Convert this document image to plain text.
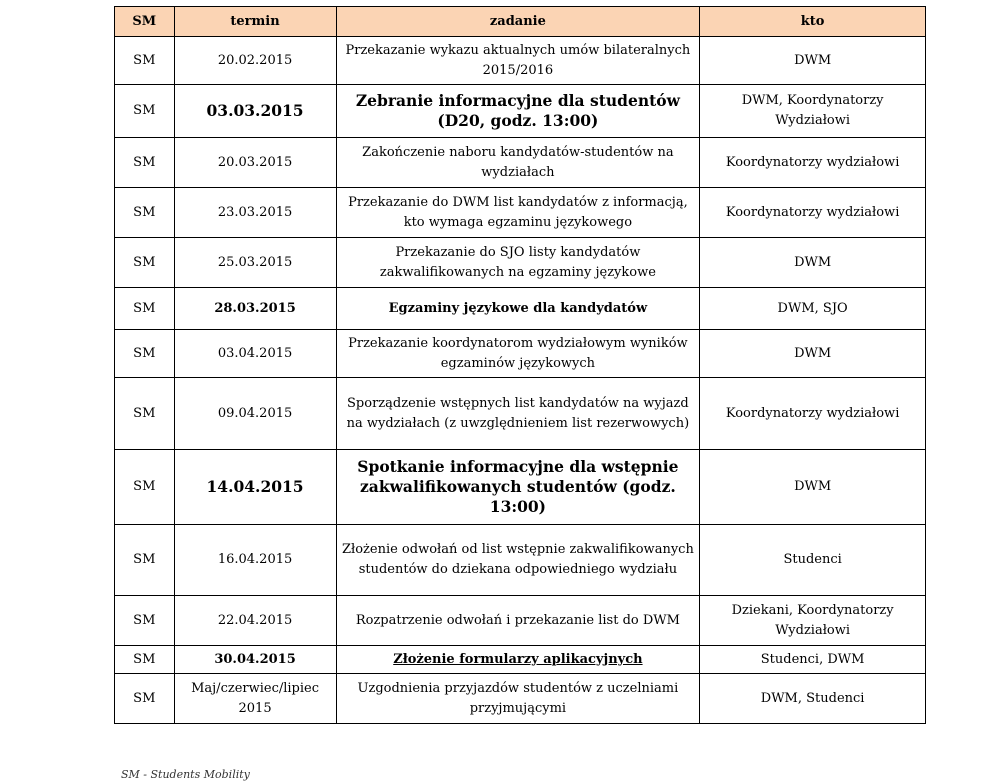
SM	termin	zadanie	kto
SM	20.02.2015	Przekazanie wykazu aktualnych umów bilateralnych 2015/2016	DWM
SM	03.03.2015	Zebranie informacyjne dla studentów (D20, godz. 13:00)	DWM, Koordynatorzy Wydziałowi
SM	20.03.2015	Zakończenie naboru kandydatów-studentów na wydziałach	Koordynatorzy wydziałowi
SM	23.03.2015	Przekazanie do DWM list kandydatów z informacją, kto wymaga egzaminu językowego	Koordynatorzy wydziałowi
SM	25.03.2015	Przekazanie do SJO listy kandydatów zakwalifikowanych na egzaminy językowe	DWM
SM	28.03.2015	Egzaminy językowe dla kandydatów	DWM, SJO
SM	03.04.2015	Przekazanie koordynatorom wydziałowym wyników egzaminów językowych	DWM
SM	09.04.2015	Sporządzenie wstępnych list kandydatów na wyjazd na wydziałach (z uwzględnieniem list rezerwowych)	Koordynatorzy wydziałowi
SM	14.04.2015	Spotkanie informacyjne dla wstępnie zakwalifikowanych studentów (godz. 13:00)	DWM
SM	16.04.2015	Złożenie odwołań od list wstępnie zakwalifikowanych studentów do dziekana odpowiedniego wydziału	Studenci
SM	22.04.2015	Rozpatrzenie odwołań i przekazanie list do DWM	Dziekani, Koordynatorzy Wydziałowi
SM	30.04.2015	Złożenie formularzy aplikacyjnych	Studenci, DWM
SM	Maj/czerwiec/lipiec 2015	Uzgodnienia przyjazdów studentów z uczelniami przyjmującymi	DWM, Studenci
SM - Students Mobility
